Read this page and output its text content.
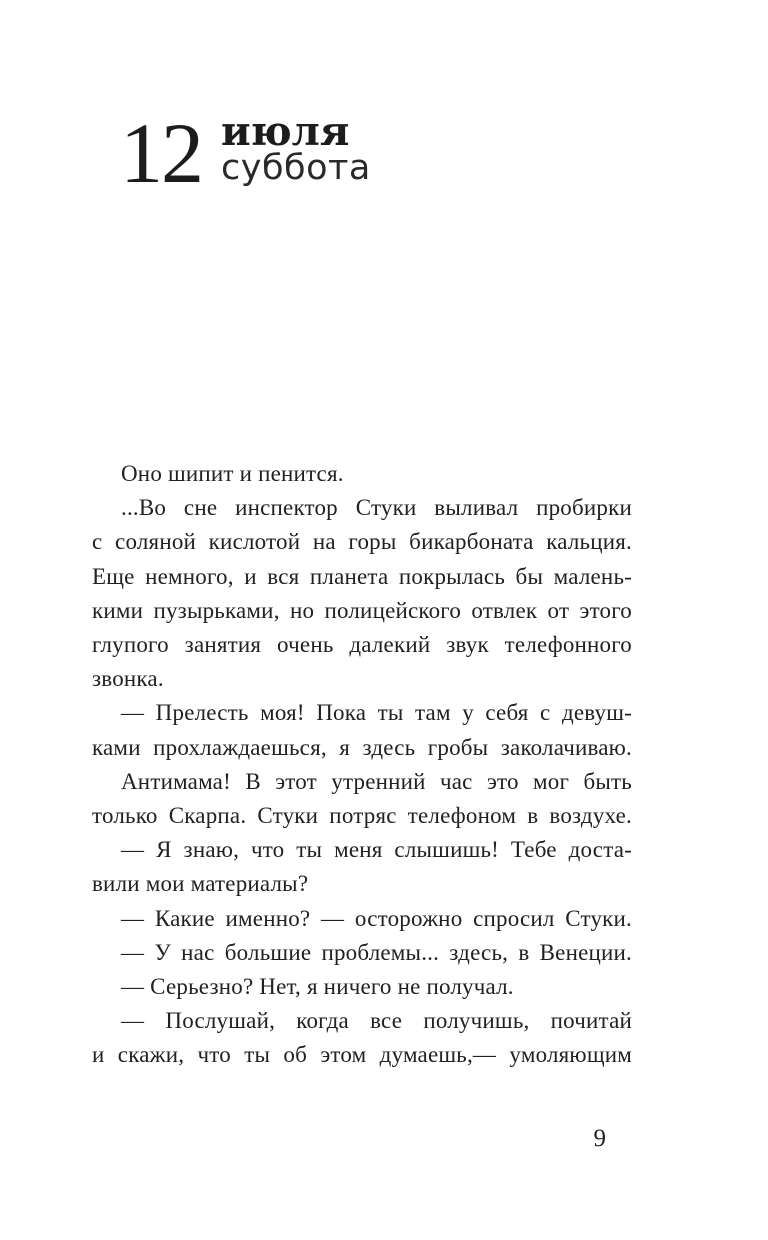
12 июля
суббота
Оно шипит и пенится.
...Во сне инспектор Стуки выливал пробирки
с соляной кислотой на горы бикарбоната кальция.
Еще немного, и вся планета покрылась бы малень-
кими пузырьками, но полицейского отвлек от этого
глупого занятия очень далекий звук телефонного
звонка.
— Прелесть моя! Пока ты там у себя с девуш-
ками прохлаждаешься, я здесь гробы заколачиваю.
Антимама! В этот утренний час это мог быть
только Скарпа. Стуки потряс телефоном в воздухе.
— Я знаю, что ты меня слышишь! Тебе доста-
вили мои материалы?
— Какие именно? — осторожно спросил Стуки.
— У нас большие проблемы... здесь, в Венеции.
— Серьезно? Нет, я ничего не получал.
— Послушай, когда все получишь, почитай
и скажи, что ты об этом думаешь,— умоляющим
9
